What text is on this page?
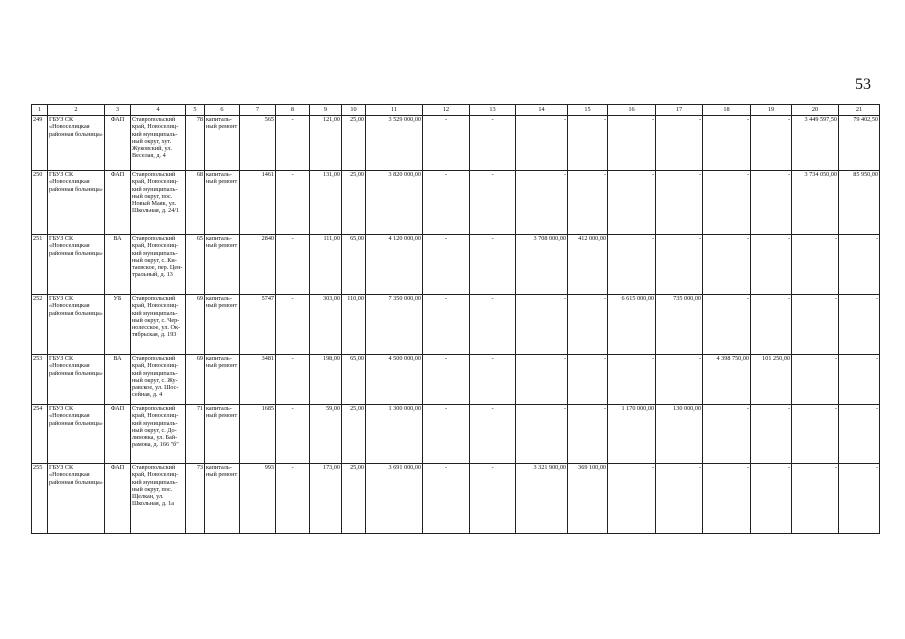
53
1	2	3	4	5	6	7	8	9	10	11	12	13	14	15	16	17	18	19	20	21
249	ГБУЗ СК «Новоселицкая районная больница»	ФАП	Ставропольский край, Новоселиц-кий муниципаль-ный округ, хут. Жуковский, ул. Веселая, д. 4	78	капиталь-ный ремонт	565	-	121,00	25,00	3 529 000,00	-	-	-	-	-	-	-	-	3 449 597,50	79 402,50
250	ГБУЗ СК «Новоселицкая районная больница»	ФАП	Ставропольский край, Новоселиц-кий муниципаль-ный округ, пос. Новый Маяк, ул. Школьная, д. 24/1	68	капиталь-ный ремонт	1461	-	131,00	25,00	3 820 000,00	-	-	-	-	-	-	-	-	3 734 050,00	85 950,00
251	ГБУЗ СК «Новоселицкая районная больница»	ВА	Ставропольский край, Новоселиц-кий муниципаль-ный округ, с. Ки-таевское, пер. Цен-тральный, д. 13	65	капиталь-ный ремонт	2840	-	111,00	65,00	4 120 000,00	-	-	3 708 000,00	412 000,00	-	-	-	-	-	-
252	ГБУЗ СК «Новоселицкая районная больница»	УБ	Ставропольский край, Новоселиц-кий муниципаль-ный округ, с. Чер-нолесское, ул. Ок-тябрьская, д. 193	69	капиталь-ный ремонт	5747	-	303,00	110,00	7 350 000,00	-	-	-	-	6 615 000,00	735 000,00	-	-	-	-
253	ГБУЗ СК «Новоселицкая районная больница»	ВА	Ставропольский край, Новоселиц-кий муниципаль-ный округ, с. Жу-равское, ул. Шос-сейная, д. 4	69	капиталь-ный ремонт	3481	-	198,00	65,00	4 500 000,00	-	-	-	-	-	-	4 398 750,00	101 250,00	-	-
254	ГБУЗ СК «Новоселицкая районная больница»	ФАП	Ставропольский край, Новоселиц-кий муниципаль-ный округ, с. До-линовка, ул. Бай-рамова, д. 166 "б"	71	капиталь-ный ремонт	1685	-	59,00	25,00	1 300 000,00	-	-	-	-	1 170 000,00	130 000,00	-	-	-	-
255	ГБУЗ СК «Новоселицкая районная больница»	ФАП	Ставропольский край, Новоселиц-кий муниципаль-ный округ, пос. Щелкан, ул. Школьная, д. 1а	73	капиталь-ный ремонт	993	-	173,00	25,00	3 691 000,00	-	-	3 321 900,00	369 100,00	-	-	-	-	-	-
